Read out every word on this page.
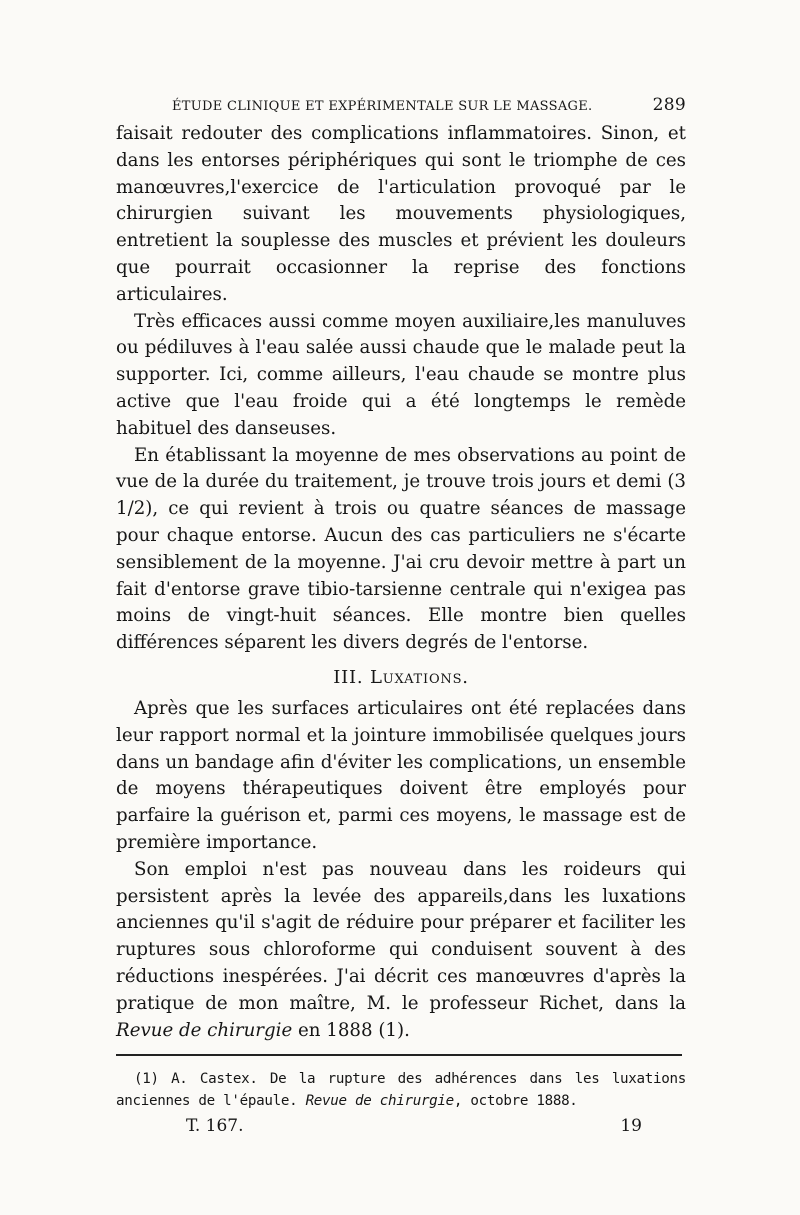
ÉTUDE CLINIQUE ET EXPÉRIMENTALE SUR LE MASSAGE.	289

faisait redouter des complications inflammatoires. Sinon, et dans les entorses périphériques qui sont le triomphe de ces manœuvres,l'exercice de l'articulation provoqué par le chirurgien suivant les mouvements physiologiques, entretient la souplesse des muscles et prévient les douleurs que pourrait occasionner la reprise des fonctions articulaires.

Très efficaces aussi comme moyen auxiliaire,les manuluves ou pédiluves à l'eau salée aussi chaude que le malade peut la supporter. Ici, comme ailleurs, l'eau chaude se montre plus active que l'eau froide qui a été longtemps le remède habituel des danseuses.

En établissant la moyenne de mes observations au point de vue de la durée du traitement, je trouve trois jours et demi (3 1/2), ce qui revient à trois ou quatre séances de massage pour chaque entorse. Aucun des cas particuliers ne s'écarte sensiblement de la moyenne. J'ai cru devoir mettre à part un fait d'entorse grave tibio-tarsienne centrale qui n'exigea pas moins de vingt-huit séances. Elle montre bien quelles différences séparent les divers degrés de l'entorse.

III. Luxations.

Après que les surfaces articulaires ont été replacées dans leur rapport normal et la jointure immobilisée quelques jours dans un bandage afin d'éviter les complications, un ensemble de moyens thérapeutiques doivent être employés pour parfaire la guérison et, parmi ces moyens, le massage est de première importance.

Son emploi n'est pas nouveau dans les roideurs qui persistent après la levée des appareils,dans les luxations anciennes qu'il s'agit de réduire pour préparer et faciliter les ruptures sous chloroforme qui conduisent souvent à des réductions inespérées. J'ai décrit ces manœuvres d'après la pratique de mon maître, M. le professeur Richet, dans la Revue de chirurgie en 1888 (1).

(1) A. Castex. De la rupture des adhérences dans les luxations anciennes de l'épaule. Revue de chirurgie, octobre 1888.

T. 167.	19
